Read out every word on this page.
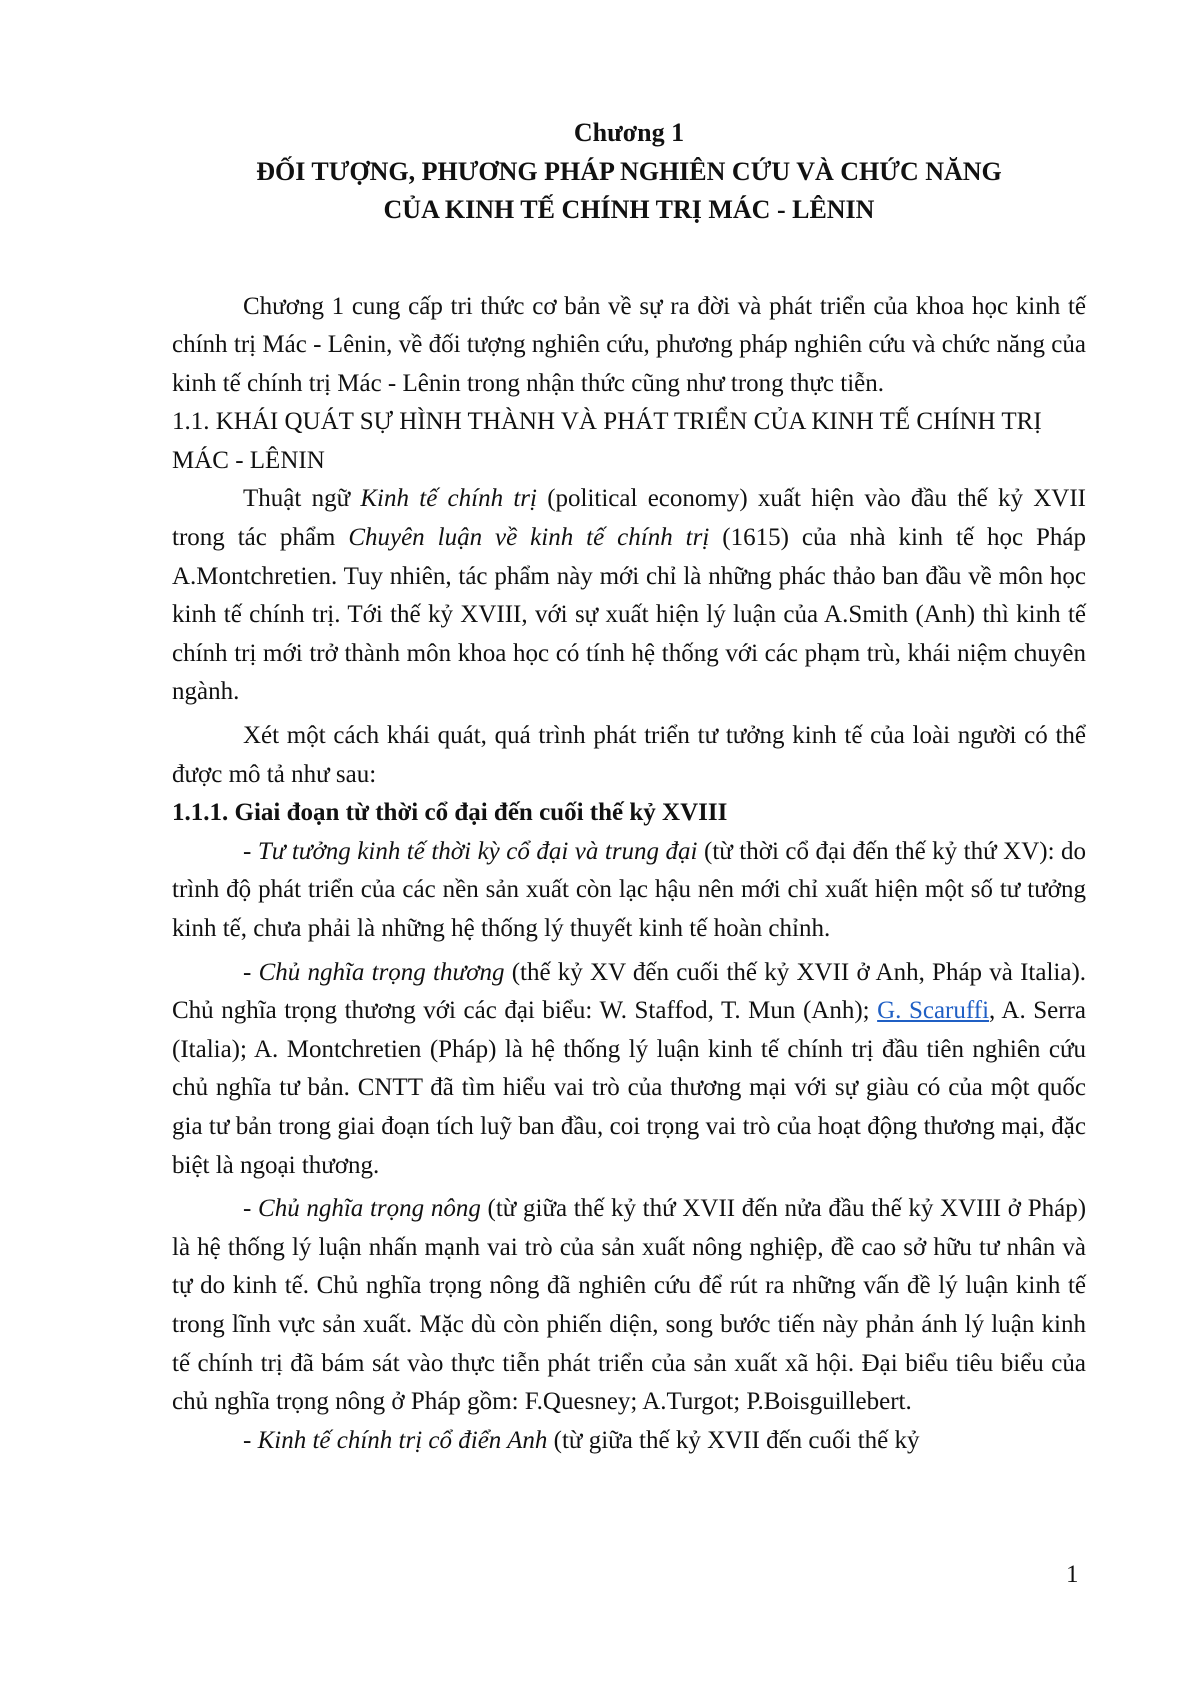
Chương 1
ĐỐI TƯỢNG, PHƯƠNG PHÁP NGHIÊN CỨU VÀ CHỨC NĂNG
CỦA KINH TẾ CHÍNH TRỊ MÁC - LÊNIN

Chương 1 cung cấp tri thức cơ bản về sự ra đời và phát triển của khoa học kinh tế chính trị Mác - Lênin, về đối tượng nghiên cứu, phương pháp nghiên cứu và chức năng của kinh tế chính trị Mác - Lênin trong nhận thức cũng như trong thực tiễn.

1.1. KHÁI QUÁT SỰ HÌNH THÀNH VÀ PHÁT TRIỂN CỦA KINH TẾ CHÍNH TRỊ MÁC - LÊNIN

Thuật ngữ Kinh tế chính trị (political economy) xuất hiện vào đầu thế kỷ XVII trong tác phẩm Chuyên luận về kinh tế chính trị (1615) của nhà kinh tế học Pháp A.Montchretien. Tuy nhiên, tác phẩm này mới chỉ là những phác thảo ban đầu về môn học kinh tế chính trị. Tới thế kỷ XVIII, với sự xuất hiện lý luận của A.Smith (Anh) thì kinh tế chính trị mới trở thành môn khoa học có tính hệ thống với các phạm trù, khái niệm chuyên ngành.

Xét một cách khái quát, quá trình phát triển tư tưởng kinh tế của loài người có thể được mô tả như sau:

1.1.1. Giai đoạn từ thời cổ đại đến cuối thế kỷ XVIII

- Tư tưởng kinh tế thời kỳ cổ đại và trung đại (từ thời cổ đại đến thế kỷ thứ XV): do trình độ phát triển của các nền sản xuất còn lạc hậu nên mới chỉ xuất hiện một số tư tưởng kinh tế, chưa phải là những hệ thống lý thuyết kinh tế hoàn chỉnh.

- Chủ nghĩa trọng thương (thế kỷ XV đến cuối thế kỷ XVII ở Anh, Pháp và Italia). Chủ nghĩa trọng thương với các đại biểu: W. Staffod, T. Mun (Anh); G. Scaruffi, A. Serra (Italia); A. Montchretien (Pháp) là hệ thống lý luận kinh tế chính trị đầu tiên nghiên cứu chủ nghĩa tư bản. CNTT đã tìm hiểu vai trò của thương mại với sự giàu có của một quốc gia tư bản trong giai đoạn tích luỹ ban đầu, coi trọng vai trò của hoạt động thương mại, đặc biệt là ngoại thương.

- Chủ nghĩa trọng nông (từ giữa thế kỷ thứ XVII đến nửa đầu thế kỷ XVIII ở Pháp) là hệ thống lý luận nhấn mạnh vai trò của sản xuất nông nghiệp, đề cao sở hữu tư nhân và tự do kinh tế. Chủ nghĩa trọng nông đã nghiên cứu để rút ra những vấn đề lý luận kinh tế trong lĩnh vực sản xuất. Mặc dù còn phiến diện, song bước tiến này phản ánh lý luận kinh tế chính trị đã bám sát vào thực tiễn phát triển của sản xuất xã hội. Đại biểu tiêu biểu của chủ nghĩa trọng nông ở Pháp gồm: F.Quesney; A.Turgot; P.Boisguillebert.

- Kinh tế chính trị cổ điển Anh (từ giữa thế kỷ XVII đến cuối thế kỷ

1
